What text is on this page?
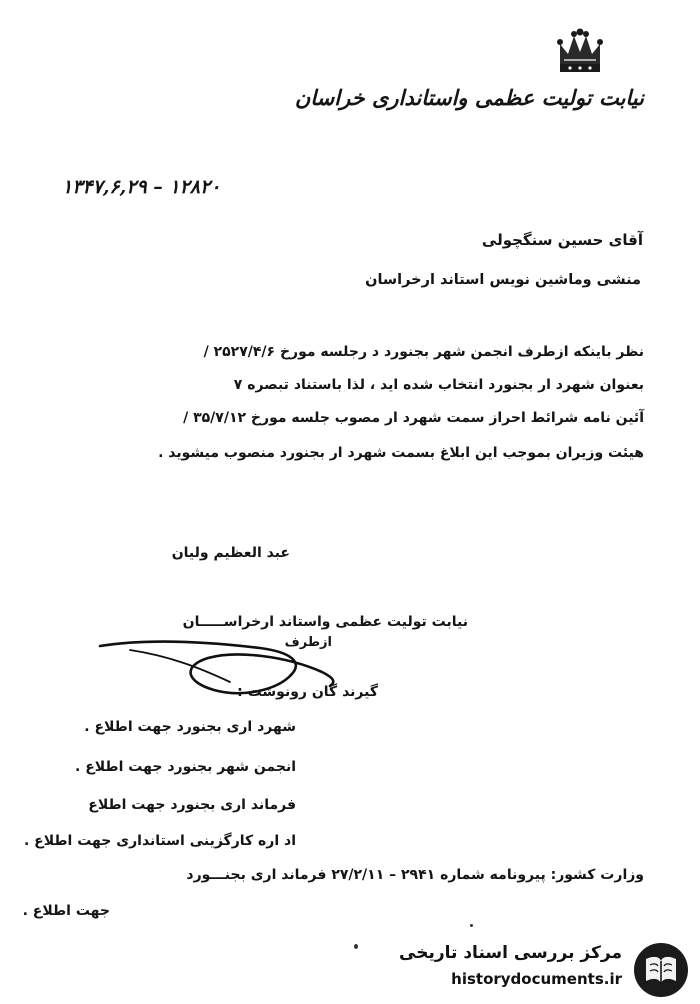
نیابت تولیت عظمی واستانداری خراسان
۱۳۴۷,۶,۲۹ – ۱۲۸۲۰
آقای حسین سنگچولی
منشی وماشین نویس استاند ارخراسان
نظر باینکه ازطرف انجمن شهر بجنورد د رجلسه مورخ ۲۵۲۷/۴/۶ /
بعنوان شهرد ار بجنورد انتخاب شده اید ، لذا باستناد تبصره ۷
آئین نامه شرائط احراز سمت شهرد ار مصوب جلسه مورخ ۳۵/۷/۱۲ /
هیئت وزیران بموجب این ابلاغ بسمت شهرد ار بجنورد منصوب میشوید .
عبد العظیم ولیان
نیابت تولیت عظمی واستاند ارخراســـــان
ازطرف
گیرند گان رونوشت :
شهرد اری بجنورد جهت اطلاع .
انجمن شهر بجنورد جهت اطلاع .
فرماند اری بجنورد جهت اطلاع
اد اره کارگزینی استانداری جهت اطلاع .
وزارت کشور: پیرونامه شماره ۲۹۴۱ – ۲۷/۲/۱۱ فرماند اری بجنـــورد
جهت اطلاع .
مرکز بررسی اسناد تاریخی
historydocuments.ir
